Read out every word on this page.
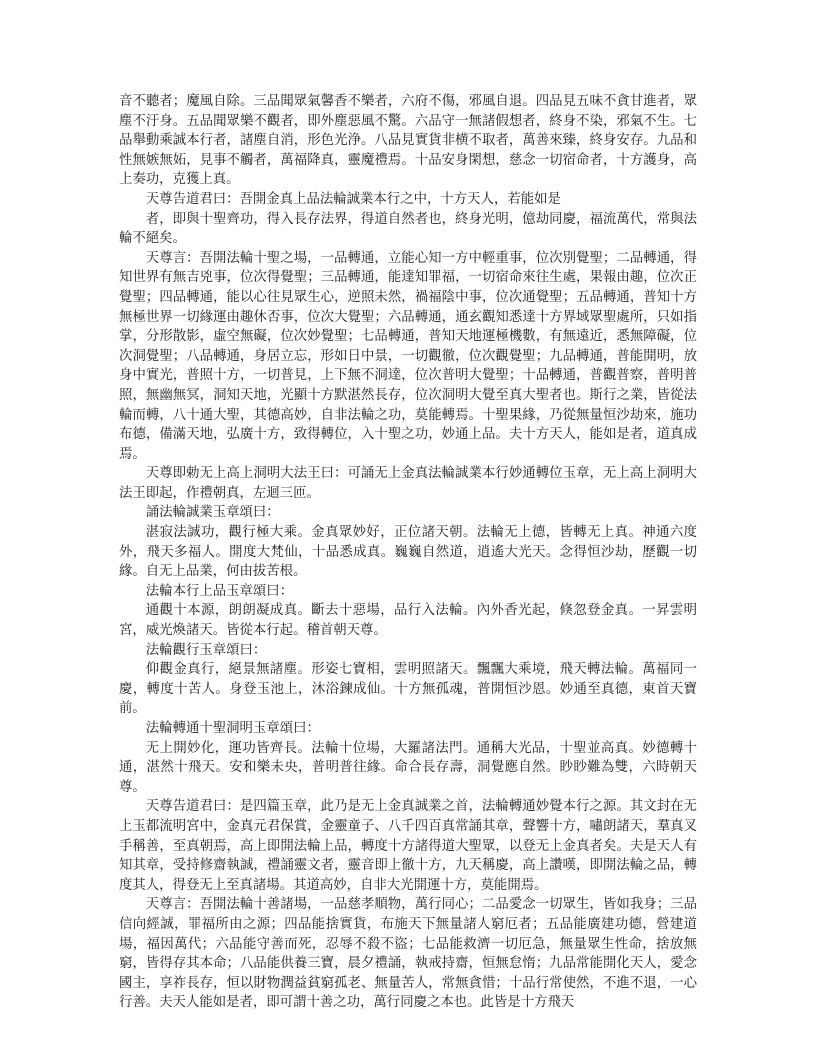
音不聽者；魔風自除。三品聞眾氣馨香不樂者，六府不傷，邪風自退。四品見五味不貪甘進者，眾塵不汙身。五品聞眾樂不觀者，即外塵惡風不驚。六品守一無諸假想者，終身不染，邪氣不生。七品舉動乘誠本行者，諸塵自消，形色光浄。八品見實貨非横不取者，萬善來臻，終身安存。九品和性無嫉無妬，見事不觸者，萬福降真，靈魔禮焉。十品安身閑想，慈念一切宿命者，十方護身，高上奏功，克獲上真。

天尊告道君曰：吾開金真上品法輪誠業本行之中，十方天人，若能如是

者，即與十聖齊功，得入長存法界，得道自然者也，終身光明，億劫同慶，福流萬代，常與法輪不絕矣。

天尊言：吾開法輪十聖之場，一品轉通，立能心知一方中輕重事，位次別覺聖；二品轉通，得知世界有無吉兇事，位次得覺聖；三品轉通，能達知罪福，一切宿命來往生處，果報由趣，位次正覺聖；四品轉通，能以心往見眾生心，逆照未然，禍福陰中事，位次通覺聖；五品轉通，普知十方無極世界一切緣運由趣休否事，位次大覺聖；六品轉通，通玄觀知悉達十方界域眾聖處所，只如指掌，分形散影，虛空無礙，位次妙覺聖；七品轉通，普知天地運極機數，有無遠近，悉無障礙，位次洞覺聖；八品轉通，身居立忘，形如日中景，一切觀徹，位次觀覺聖；九品轉通，普能開明，放身中實光，普照十方，一切普見，上下無不洞達，位次普明大覺聖；十品轉通，普觀普察，普明普照，無幽無冥，洞知天地，光顯十方默湛然長存，位次洞明大覺至真大聖者也。斯行之業，皆從法輪而轉，八十通大聖，其德高妙，自非法輪之功，莫能轉焉。十聖果緣，乃從無量恒沙劫來，施功布德，備滿天地，弘廣十方，致得轉位，入十聖之功，妙通上品。夫十方天人，能如是者，道真成焉。

天尊即勅无上高上洞明大法王曰：可誦无上金真法輪誠業本行妙通轉位玉章，无上高上洞明大法王即起，作禮朝真，左迴三匝。

誦法輪誠業玉章頌曰：

湛寂法誠功，觀行極大乘。金真眾妙好，正位諸天朝。法輪无上德，皆轉无上真。神通六度外，飛天多福人。開度大梵仙，十品悉成真。巍巍自然道，逍遙大光天。念得恒沙劫，歷觀一切緣。自无上品業，何由拔苦根。

法輪本行上品玉章頌曰：

通觀十本源，朗朗凝成真。斷去十惡場，品行入法輪。內外香光起，倏忽登金真。一昇雲明宮，威光煥諸天。皆從本行起。稽首朝天尊。

法輪觀行玉章頌曰：

仰觀金真行，絕景無諸塵。形姿七寶相，雲明照諸天。飄飄大乘境，飛天轉法輪。萬福同一慶，轉度十苦人。身登玉池上，沐浴鍊成仙。十方無孤魂，普開恒沙恩。妙通至真德，東首天寶前。

法輪轉通十聖洞明玉章頌曰：

无上開妙化，運功皆齊長。法輪十位場，大羅諸法門。通稱大光品，十聖並高真。妙德轉十通，湛然十飛天。安和樂未央，普明普往緣。命合長存壽，洞覺應自然。眇眇難為雙，六時朝天尊。

天尊告道君曰：是四篇玉章，此乃是无上金真誠業之首，法輪轉通妙覺本行之源。其文封在无上玉都流明宮中，金真元君保賞，金靈童子、八千四百真常誦其章，聲響十方，嘯朗諸天，羣真叉手稱善，至真朝焉，高上即開法輪上品，轉度十方諸得道大聖眾，以登无上金真者矣。夫是天人有知其章，受持修齋執誠，禮誦靈文者，靈音即上徹十方，九天稱慶，高上讚嘆，即開法輪之品，轉度其人，得登无上至真諸場。其道高妙，自非大光開運十方，莫能開焉。

天尊言：吾開法輪十善諸場，一品慈孝順物，萬行同心；二品愛念一切眾生，皆如我身；三品信向經誠，罪福所由之源；四品能捨實貨，布施天下無量諸人窮厄者；五品能廣建功德，營建道場，福因萬代；六品能守善而死，忍辱不殺不盜；七品能救濟一切厄急，無量眾生性命，捨放無窮，皆得存其本命；八品能供養三寶，晨夕禮誦，執戒持齋，恒無怠惰；九品常能開化天人，愛念國主，享祚長存，恒以財物潤益貧窮孤老、無量苦人，常無貪惜；十品行常使然，不進不退，一心行善。夫天人能如是者，即可謂十善之功，萬行同慶之本也。此皆是十方飛天
